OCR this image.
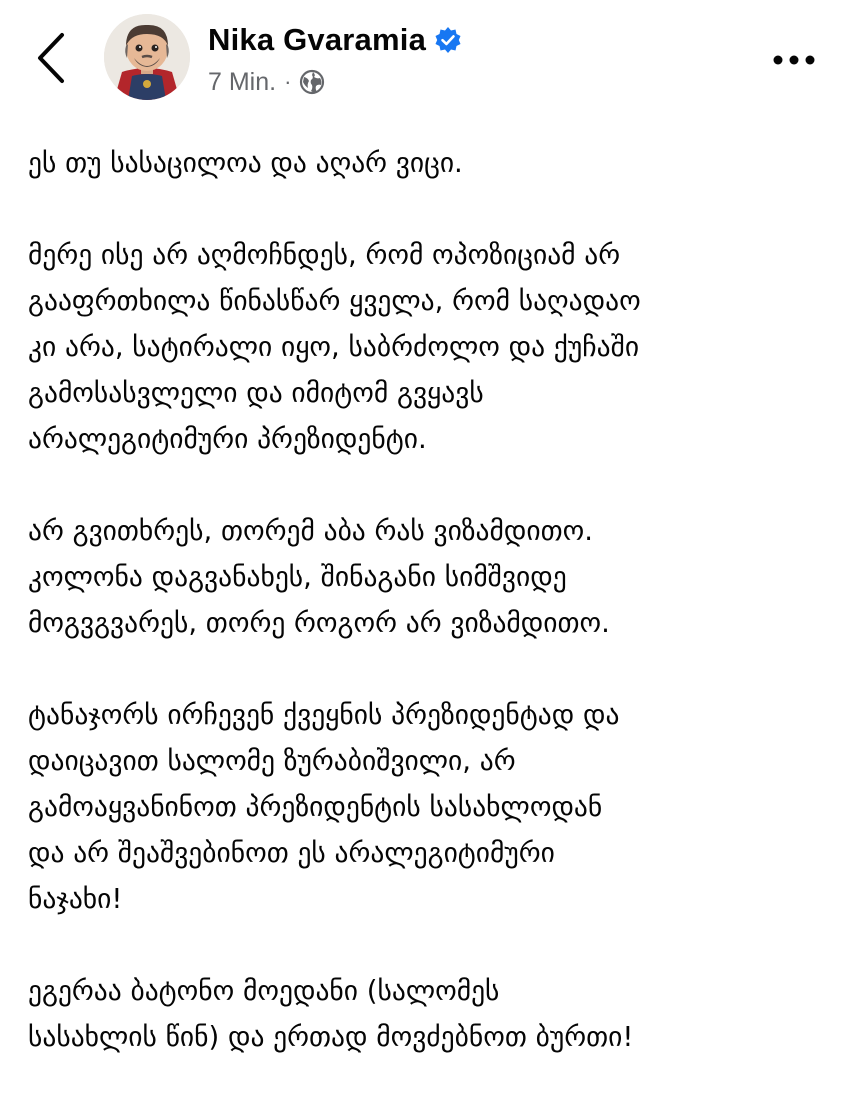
Nika Gvaramia
7 Min. ·

ეს თუ სასაცილოა და აღარ ვიცი.

მერე ისე არ აღმოჩნდეს, რომ ოპოზიციამ არ
გააფრთხილა წინასწარ ყველა, რომ საღადაო
კი არა, სატირალი იყო, საბრძოლო და ქუჩაში
გამოსასვლელი და იმიტომ გვყავს
არალეგიტიმური პრეზიდენტი.

არ გვითხრეს, თორემ აბა რას ვიზამდითო.
კოლონა დაგვანახეს, შინაგანი სიმშვიდე
მოგვგვარეს, თორე როგორ არ ვიზამდითო.

ტანაჯორს ირჩევენ ქვეყნის პრეზიდენტად და
დაიცავით სალომე ზურაბიშვილი, არ
გამოაყვანინოთ პრეზიდენტის სასახლოდან
და არ შეაშვებინოთ ეს არალეგიტიმური
ნაჯახი!

ეგერაა ბატონო მოედანი (სალომეს
სასახლის წინ) და ერთად მოვძებნოთ ბურთი!
